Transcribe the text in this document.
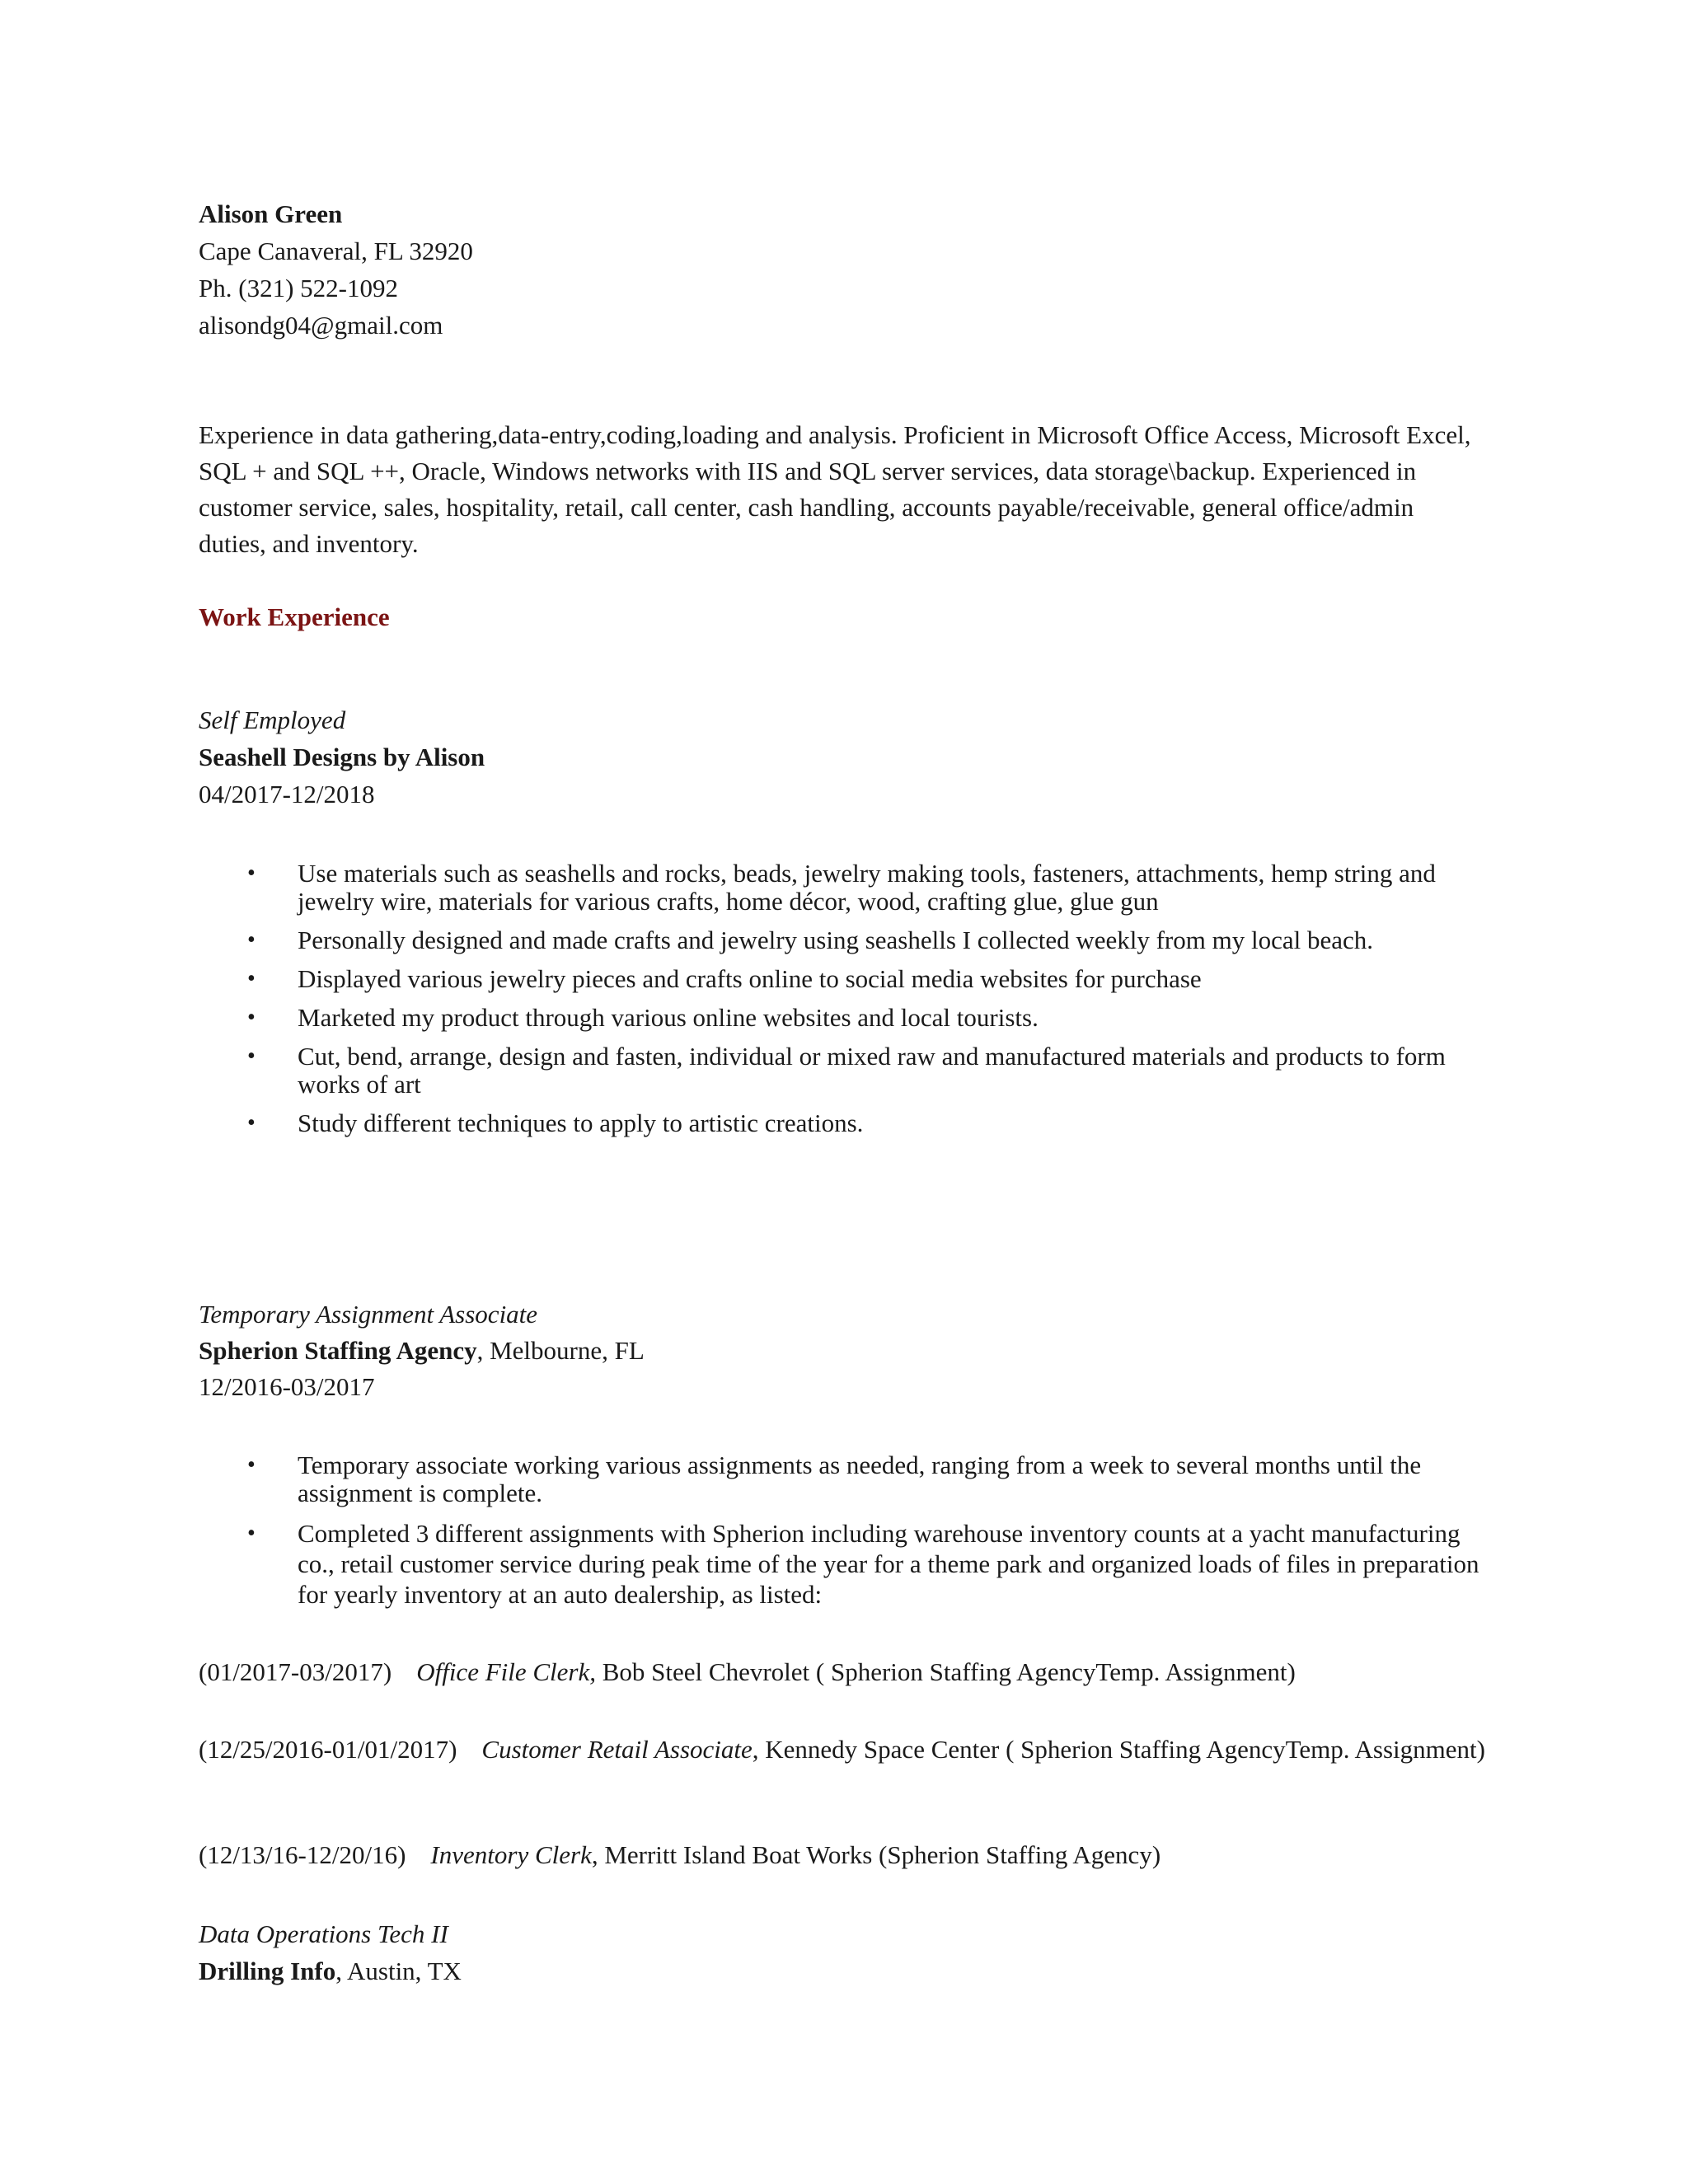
Alison Green
Cape Canaveral, FL 32920
Ph. (321) 522-1092
alisondg04@gmail.com
Experience in data gathering,data-entry,coding,loading and analysis. Proficient in Microsoft Office Access, Microsoft Excel, SQL + and SQL ++, Oracle, Windows networks with IIS and SQL server services, data storage\backup. Experienced in customer service, sales, hospitality, retail, call center, cash handling, accounts payable/receivable, general office/admin duties, and inventory.
Work Experience
Self Employed
Seashell Designs by Alison
04/2017-12/2018
• Use materials such as seashells and rocks, beads, jewelry making tools, fasteners, attachments, hemp string and jewelry wire, materials for various crafts, home décor, wood, crafting glue, glue gun
• Personally designed and made crafts and jewelry using seashells I collected weekly from my local beach.
• Displayed various jewelry pieces and crafts online to social media websites for purchase
• Marketed my product through various online websites and local tourists.
• Cut, bend, arrange, design and fasten, individual or mixed raw and manufactured materials and products to form works of art
• Study different techniques to apply to artistic creations.
Temporary Assignment Associate
Spherion Staffing Agency, Melbourne, FL
12/2016-03/2017
• Temporary associate working various assignments as needed, ranging from a week to several months until the assignment is complete.
• Completed 3 different assignments with Spherion including warehouse inventory counts at a yacht manufacturing co., retail customer service during peak time of the year for a theme park and organized loads of files in preparation for yearly inventory at an auto dealership, as listed:
(01/2017-03/2017) Office File Clerk, Bob Steel Chevrolet ( Spherion Staffing AgencyTemp. Assignment)
(12/25/2016-01/01/2017) Customer Retail Associate, Kennedy Space Center ( Spherion Staffing AgencyTemp. Assignment)
(12/13/16-12/20/16) Inventory Clerk, Merritt Island Boat Works (Spherion Staffing Agency)
Data Operations Tech II
Drilling Info, Austin, TX
